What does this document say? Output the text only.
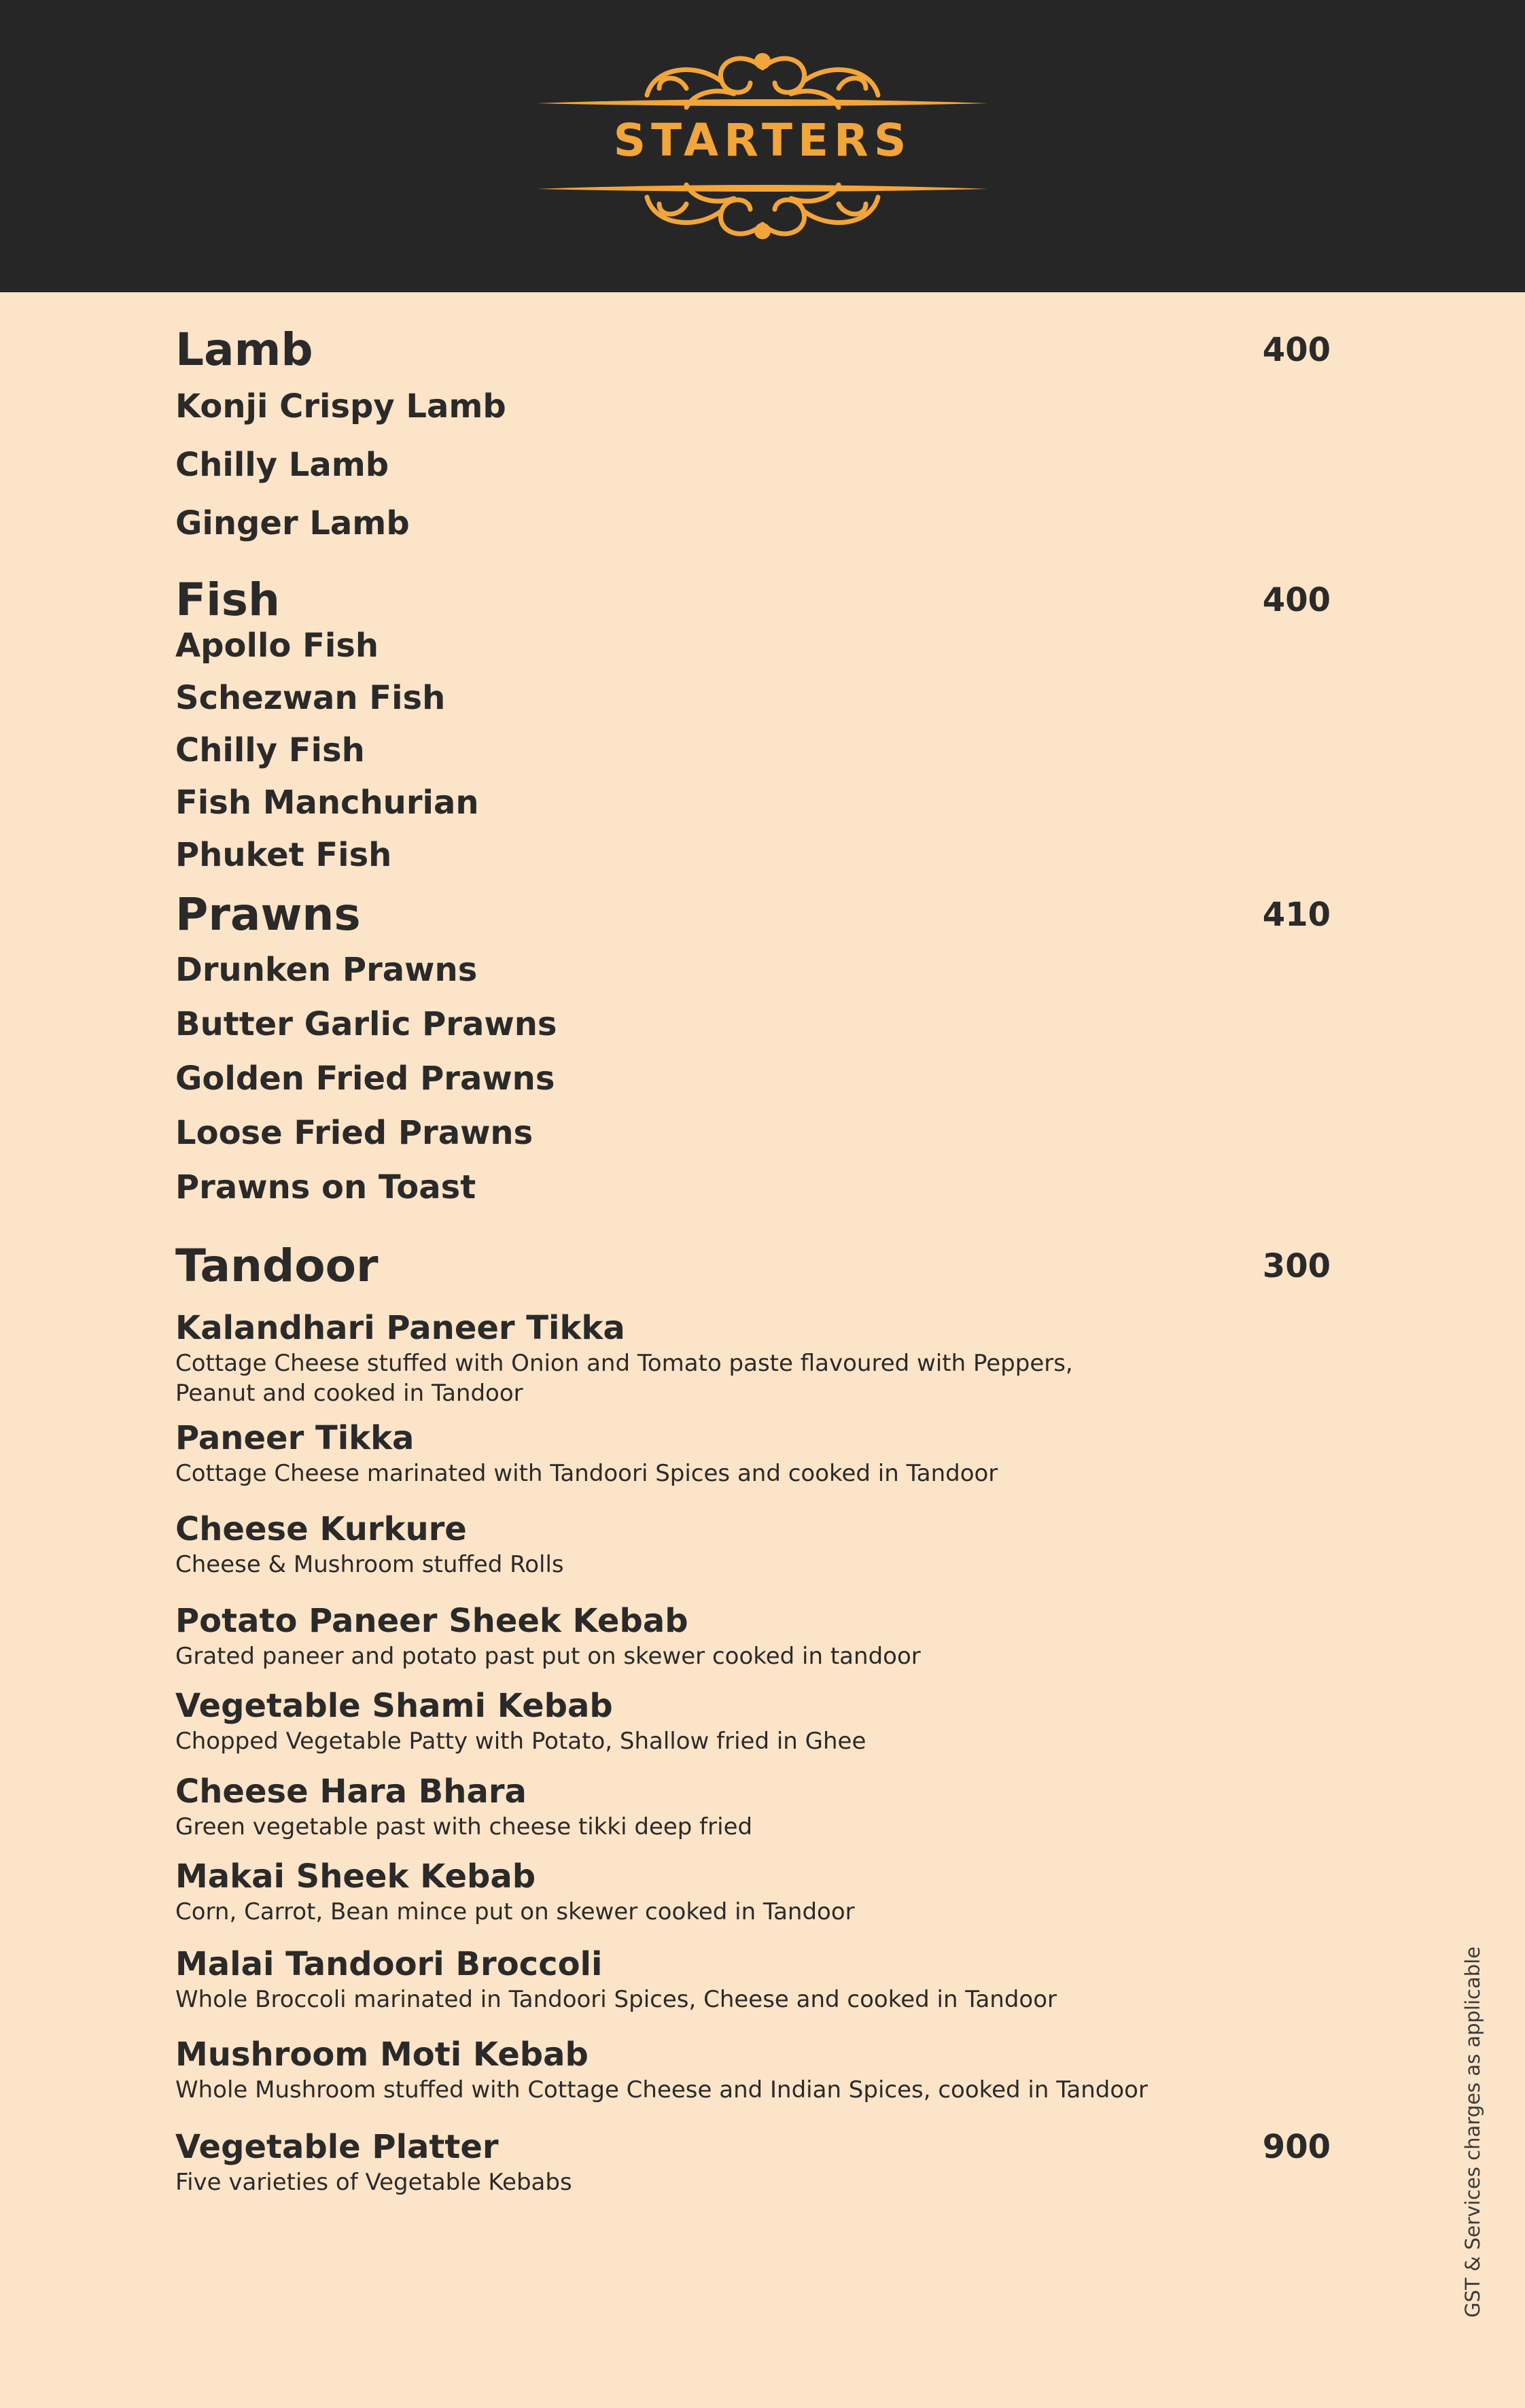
STARTERS
Lamb	400
Konji Crispy Lamb
Chilly Lamb
Ginger Lamb
Fish	400
Apollo Fish
Schezwan Fish
Chilly Fish
Fish Manchurian
Phuket Fish
Prawns	410
Drunken Prawns
Butter Garlic Prawns
Golden Fried Prawns
Loose Fried Prawns
Prawns on Toast
Tandoor	300
Kalandhari Paneer Tikka
Cottage Cheese stuffed with Onion and Tomato paste flavoured with Peppers, Peanut and cooked in Tandoor
Paneer Tikka
Cottage Cheese marinated with Tandoori Spices and cooked in Tandoor
Cheese Kurkure
Cheese & Mushroom stuffed Rolls
Potato Paneer Sheek Kebab
Grated paneer and potato past put on skewer cooked in tandoor
Vegetable Shami Kebab
Chopped Vegetable Patty with Potato, Shallow fried in Ghee
Cheese Hara Bhara
Green vegetable past with cheese tikki deep fried
Makai Sheek Kebab
Corn, Carrot, Bean mince put on skewer cooked in Tandoor
Malai Tandoori Broccoli
Whole Broccoli marinated in Tandoori Spices, Cheese and cooked in Tandoor
Mushroom Moti Kebab
Whole Mushroom stuffed with Cottage Cheese and Indian Spices, cooked in Tandoor
Vegetable Platter	900
Five varieties of Vegetable Kebabs	GST & Services charges as applicable
